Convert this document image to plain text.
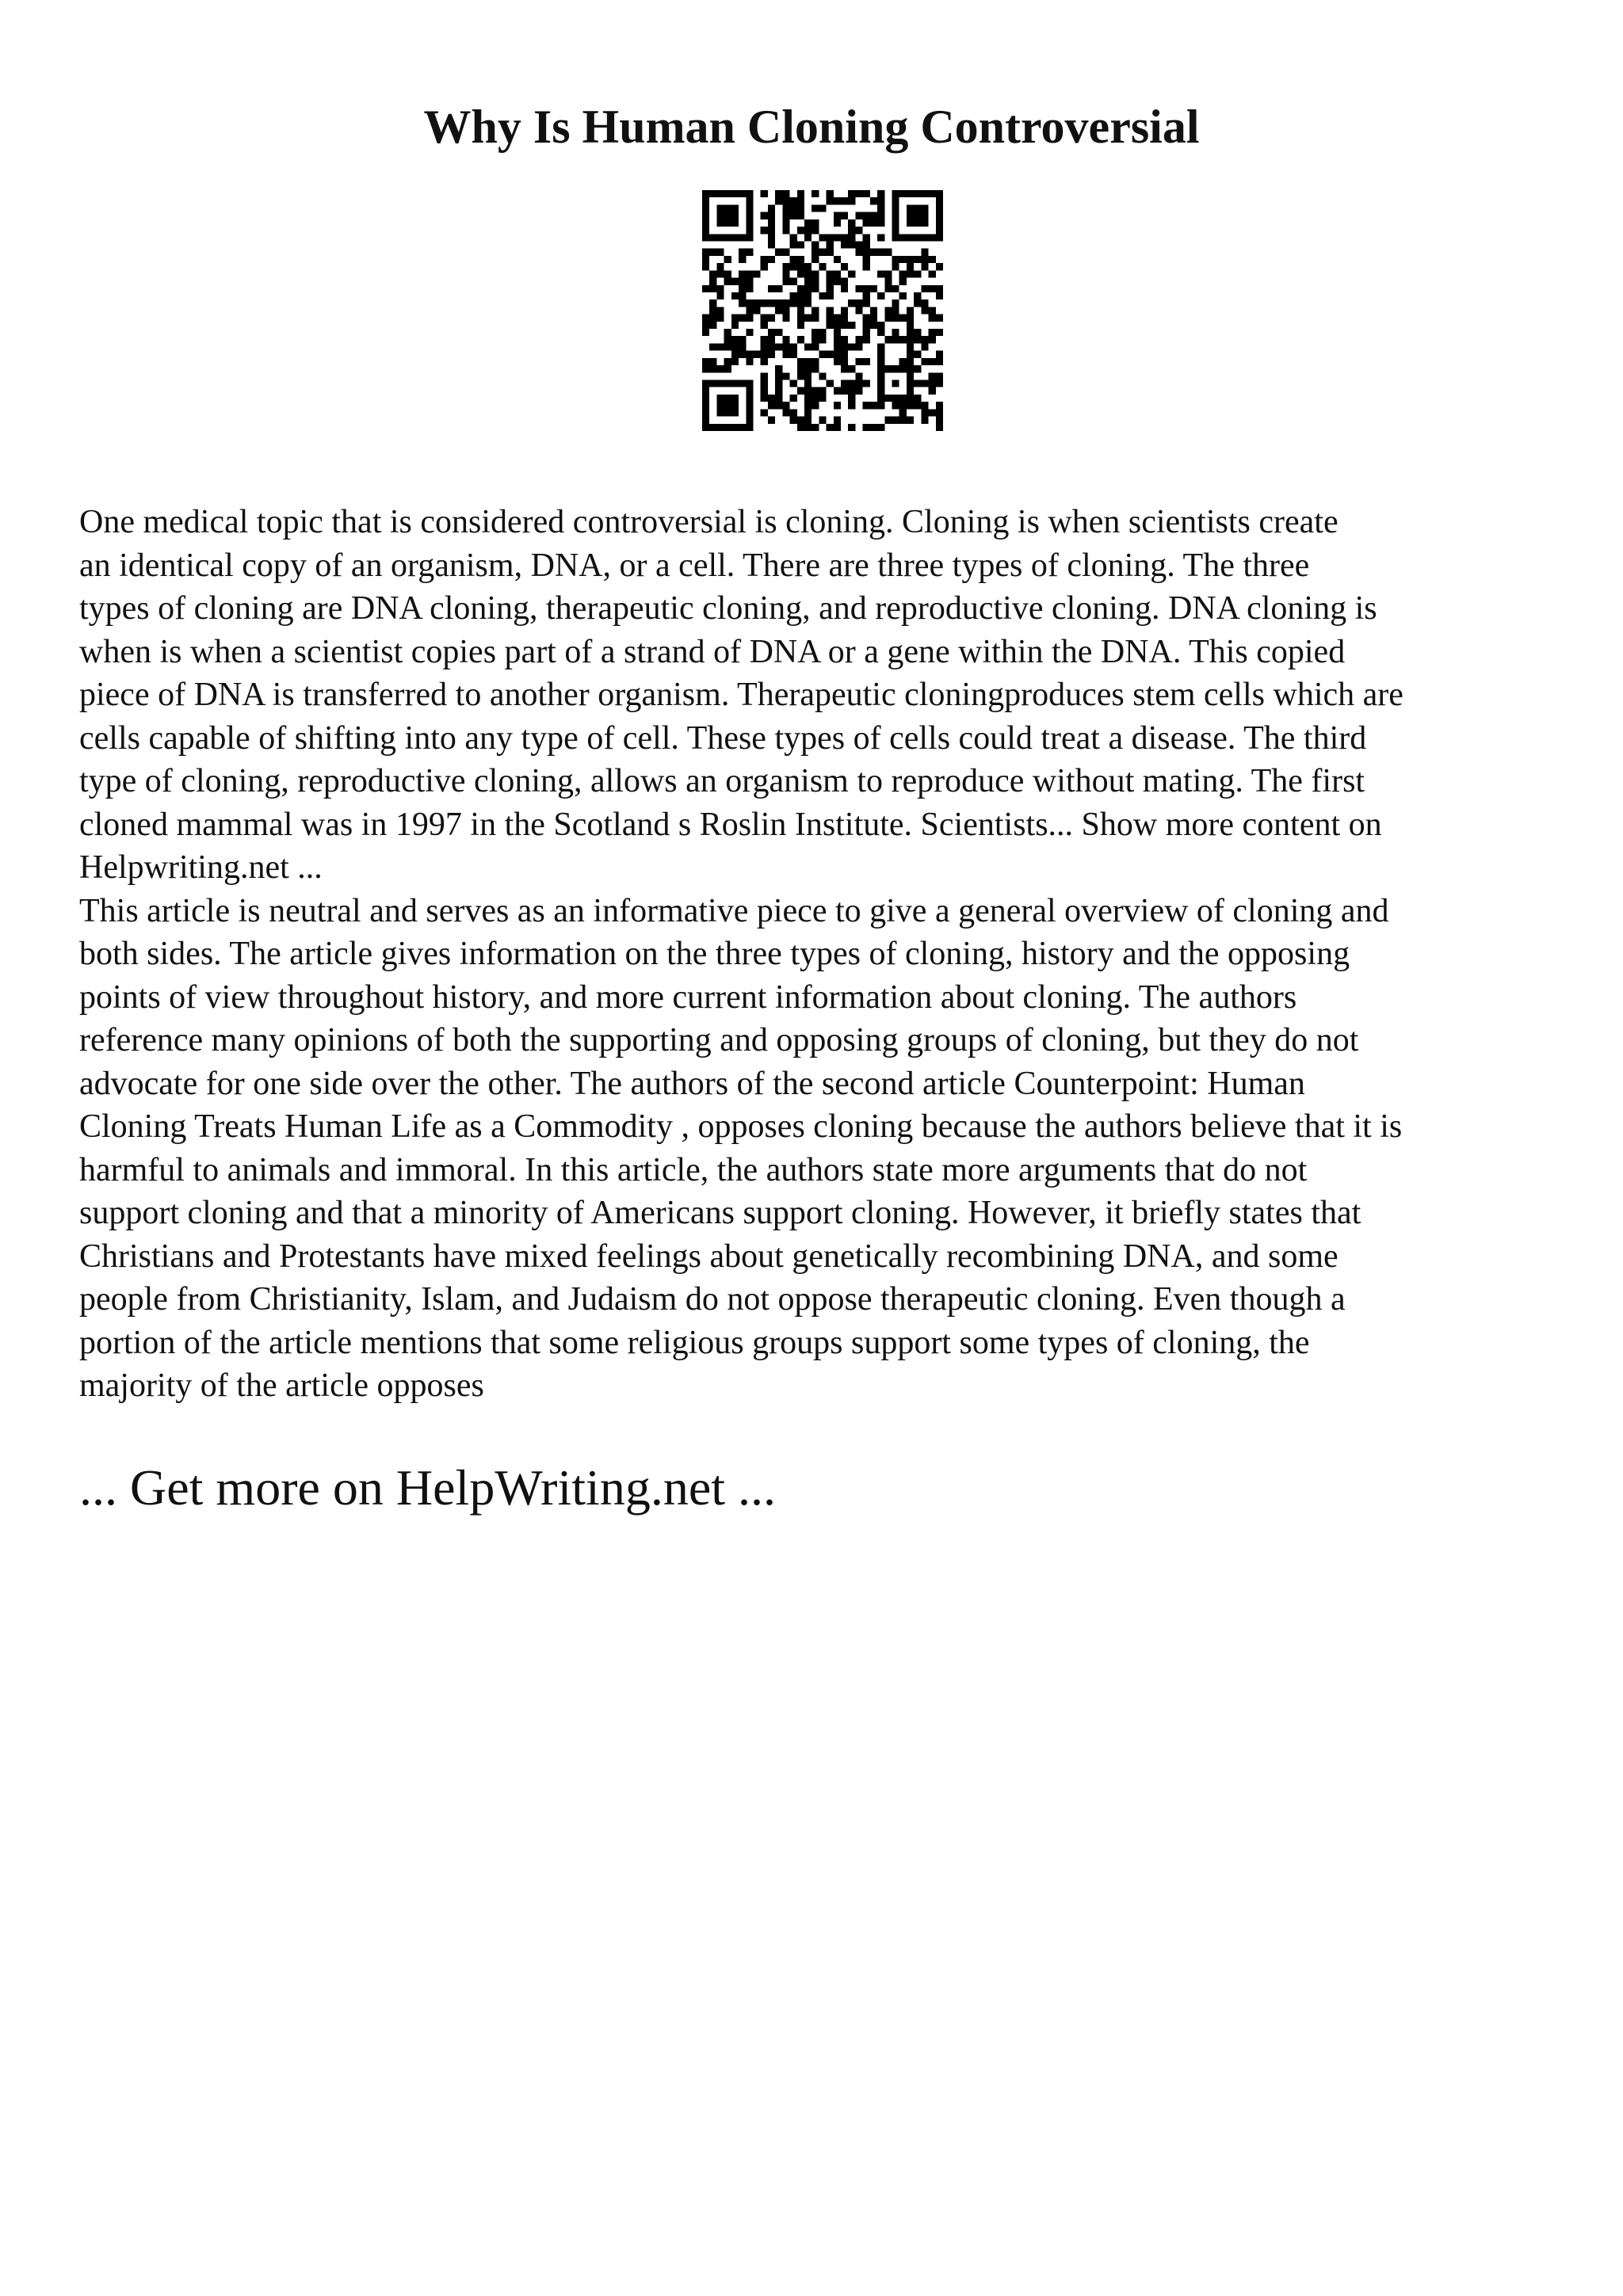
Why Is Human Cloning Controversial
One medical topic that is considered controversial is cloning. Cloning is when scientists create
an identical copy of an organism, DNA, or a cell. There are three types of cloning. The three
types of cloning are DNA cloning, therapeutic cloning, and reproductive cloning. DNA cloning is
when is when a scientist copies part of a strand of DNA or a gene within the DNA. This copied
piece of DNA is transferred to another organism. Therapeutic cloningproduces stem cells which are
cells capable of shifting into any type of cell. These types of cells could treat a disease. The third
type of cloning, reproductive cloning, allows an organism to reproduce without mating. The first
cloned mammal was in 1997 in the Scotland s Roslin Institute. Scientists... Show more content on
Helpwriting.net ...
This article is neutral and serves as an informative piece to give a general overview of cloning and
both sides. The article gives information on the three types of cloning, history and the opposing
points of view throughout history, and more current information about cloning. The authors
reference many opinions of both the supporting and opposing groups of cloning, but they do not
advocate for one side over the other. The authors of the second article Counterpoint: Human
Cloning Treats Human Life as a Commodity , opposes cloning because the authors believe that it is
harmful to animals and immoral. In this article, the authors state more arguments that do not
support cloning and that a minority of Americans support cloning. However, it briefly states that
Christians and Protestants have mixed feelings about genetically recombining DNA, and some
people from Christianity, Islam, and Judaism do not oppose therapeutic cloning. Even though a
portion of the article mentions that some religious groups support some types of cloning, the
majority of the article opposes
... Get more on HelpWriting.net ...
